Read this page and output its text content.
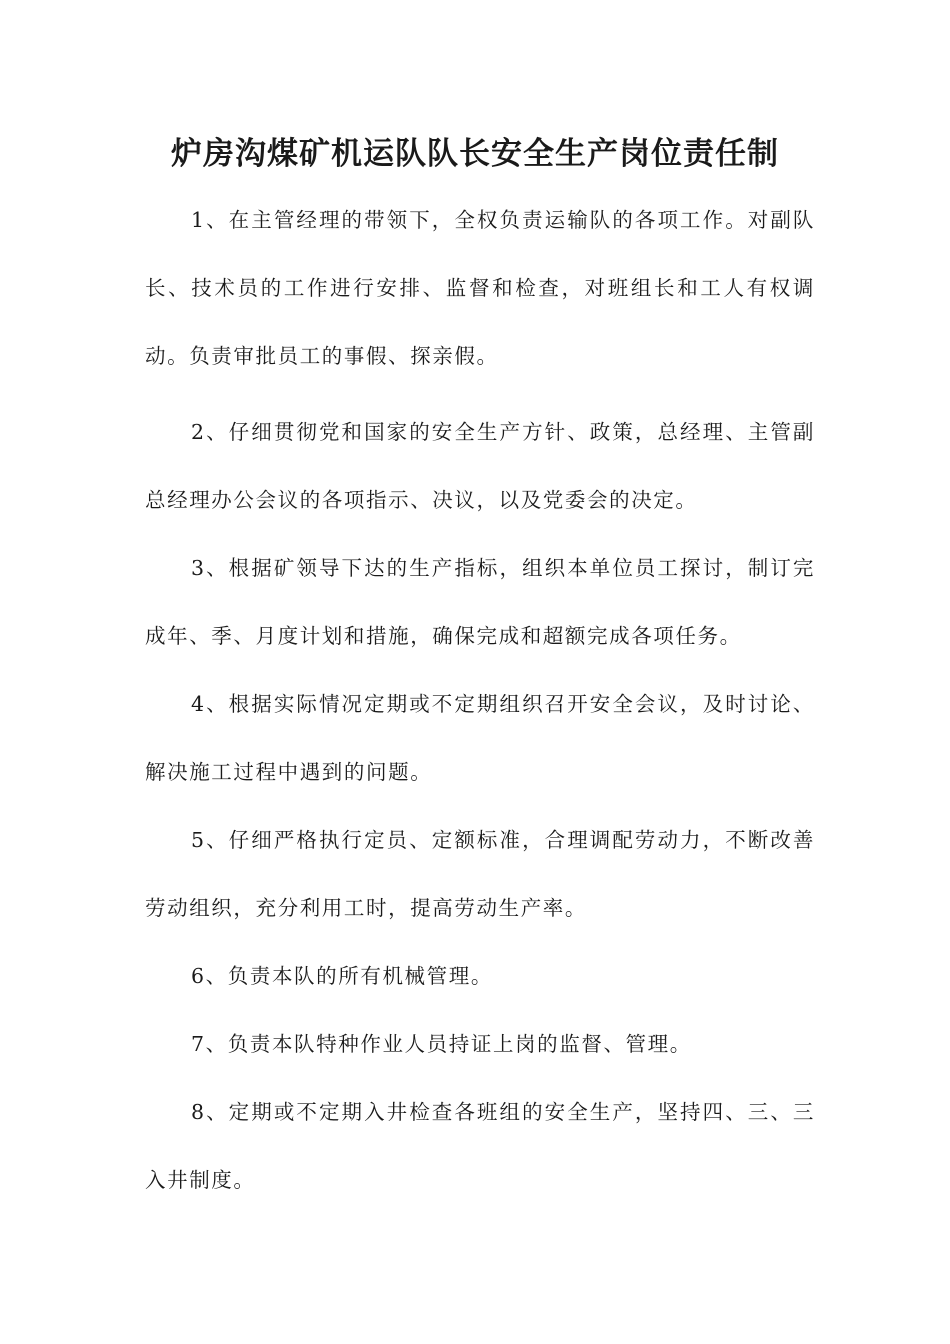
炉房沟煤矿机运队队长安全生产岗位责任制

1、在主管经理的带领下，全权负责运输队的各项工作。对副队长、技术员的工作进行安排、监督和检查，对班组长和工人有权调动。负责审批员工的事假、探亲假。

2、仔细贯彻党和国家的安全生产方针、政策，总经理、主管副总经理办公会议的各项指示、决议，以及党委会的决定。

3、根据矿领导下达的生产指标，组织本单位员工探讨，制订完成年、季、月度计划和措施，确保完成和超额完成各项任务。

4、根据实际情况定期或不定期组织召开安全会议，及时讨论、解决施工过程中遇到的问题。

5、仔细严格执行定员、定额标准，合理调配劳动力，不断改善劳动组织，充分利用工时，提高劳动生产率。

6、负责本队的所有机械管理。

7、负责本队特种作业人员持证上岗的监督、管理。

8、定期或不定期入井检查各班组的安全生产，坚持四、三、三入井制度。
